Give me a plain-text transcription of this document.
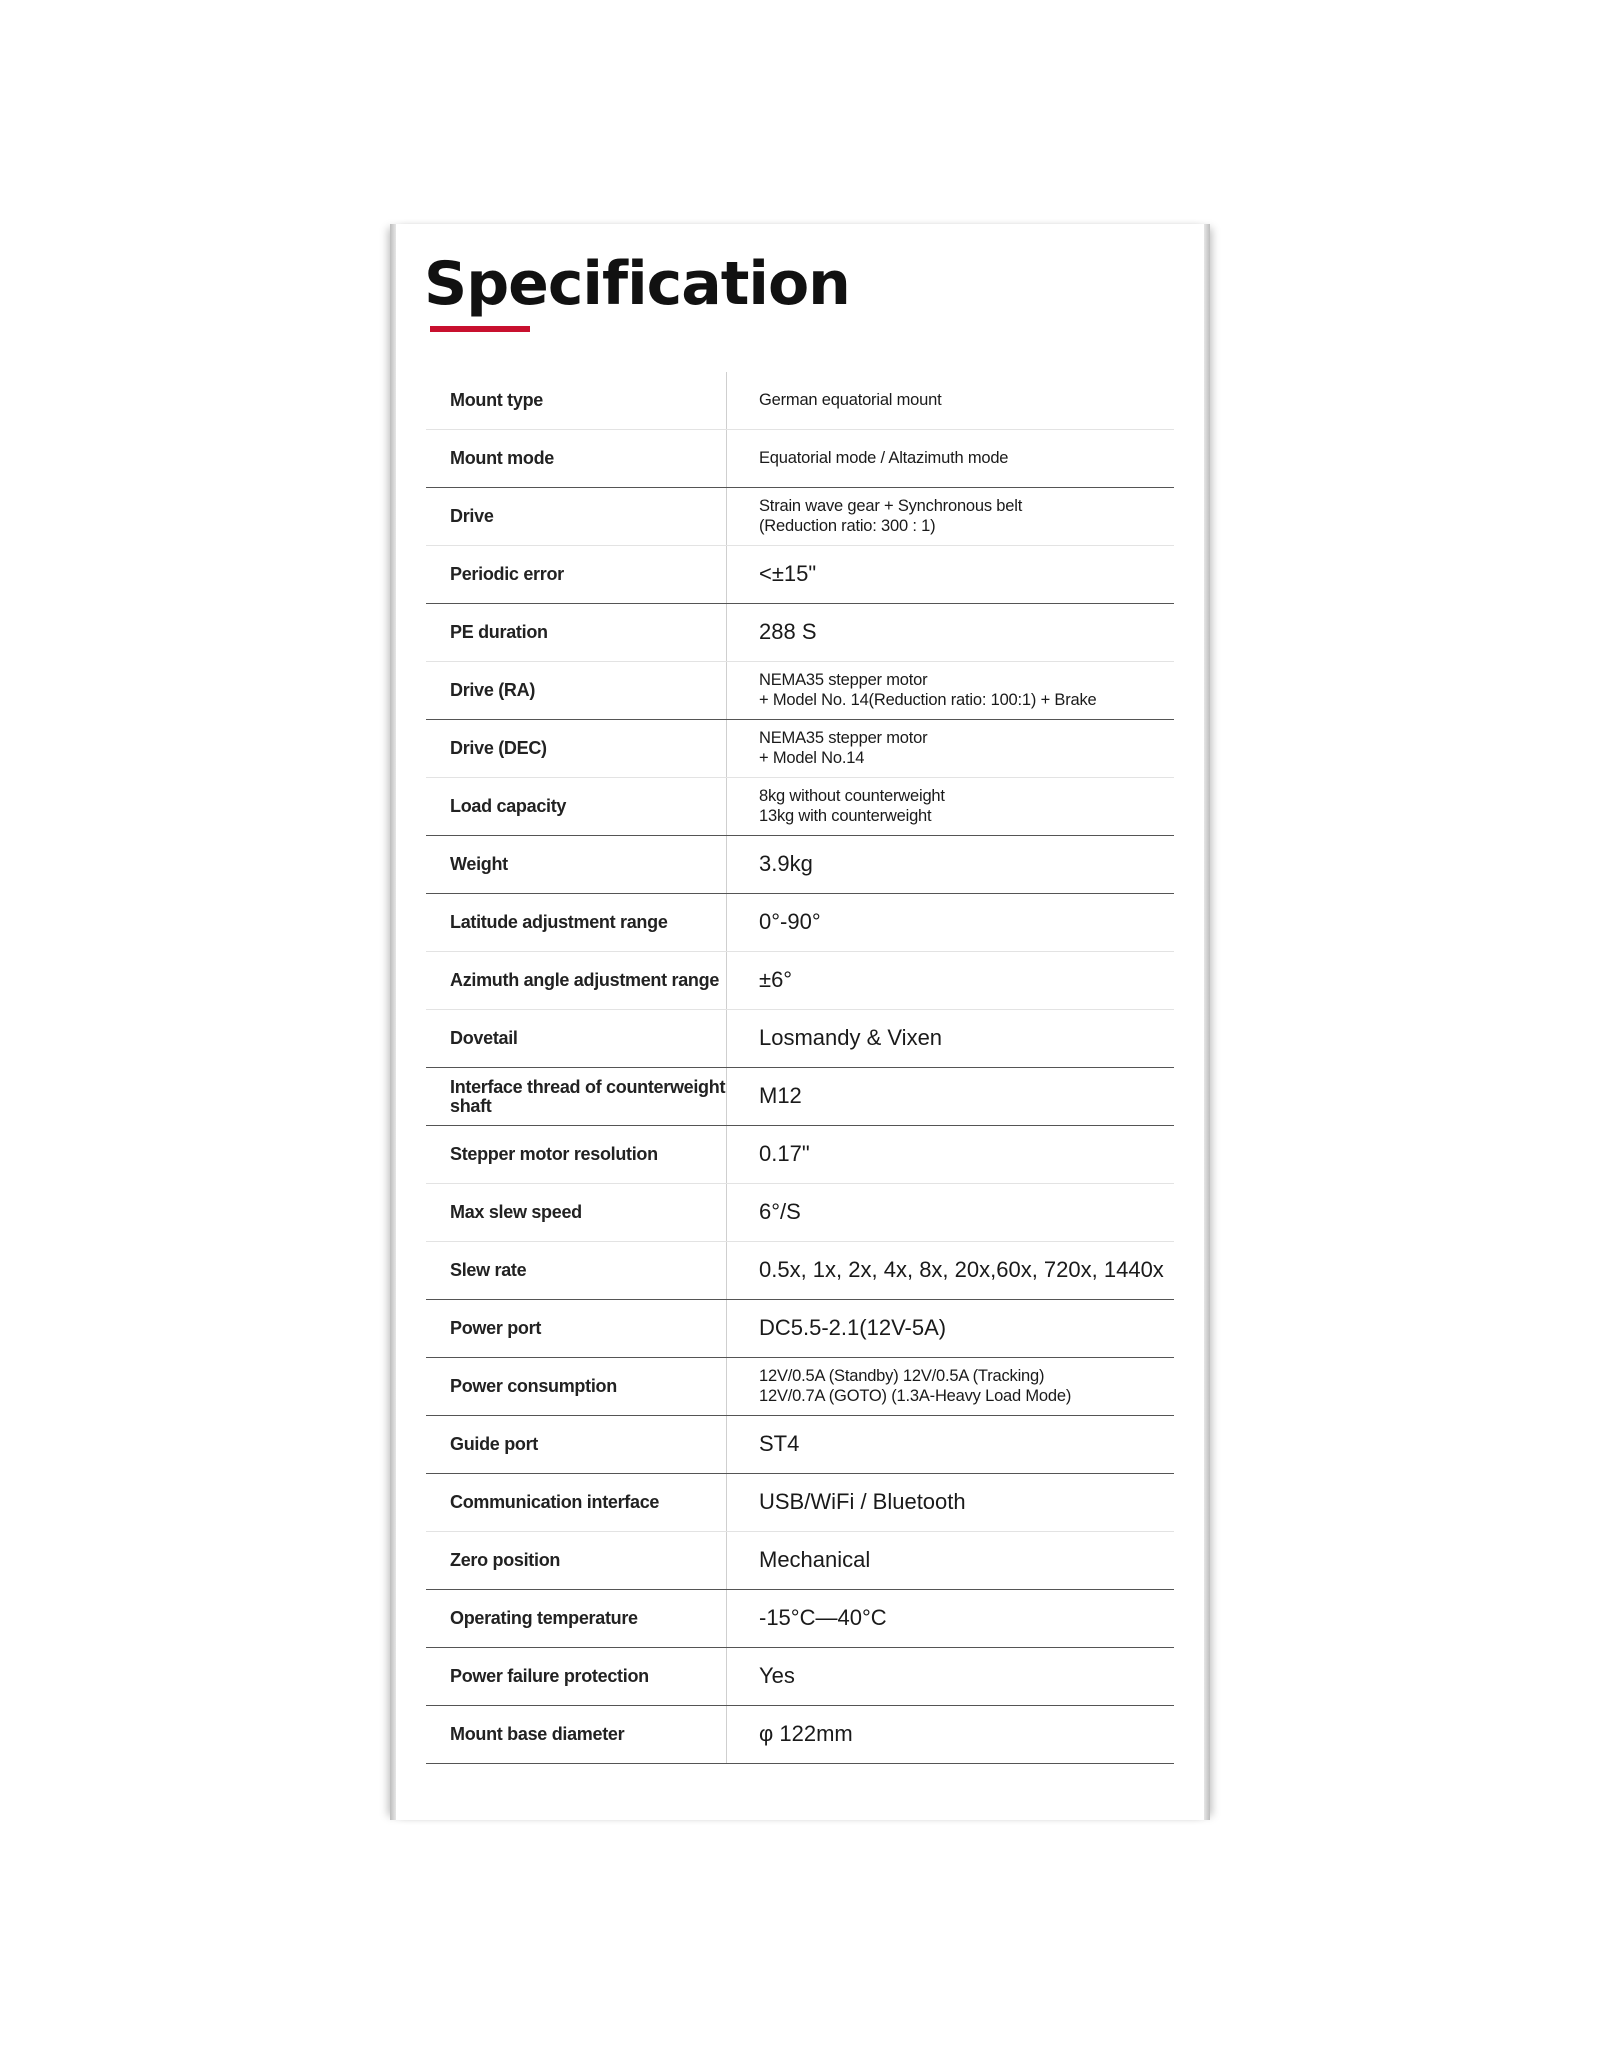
Specification
Mount type	German equatorial mount
Mount mode	Equatorial mode / Altazimuth mode
Drive	Strain wave gear + Synchronous belt
(Reduction ratio: 300 : 1)

Periodic error	<±15"
PE duration	288 S
Drive (RA)	NEMA35 stepper motor
+ Model No. 14(Reduction ratio: 100:1) + Brake

Drive (DEC)	NEMA35 stepper motor
+ Model No.14

Load capacity	8kg without counterweight
13kg with counterweight

Weight	3.9kg
Latitude adjustment range	0°-90°
Azimuth angle adjustment range	±6°
Dovetail	Losmandy & Vixen
Interface thread of counterweight shaft	M12
Stepper motor resolution	0.17"
Max slew speed	6°/S
Slew rate	0.5x, 1x, 2x, 4x, 8x, 20x,60x, 720x, 1440x
Power port	DC5.5-2.1(12V-5A)
Power consumption	12V/0.5A (Standby) 12V/0.5A (Tracking)
12V/0.7A (GOTO) (1.3A-Heavy Load Mode)

Guide port	ST4
Communication interface	USB/WiFi / Bluetooth
Zero position	Mechanical
Operating temperature	-15°C—40°C
Power failure protection	Yes
Mount base diameter	φ 122mm
